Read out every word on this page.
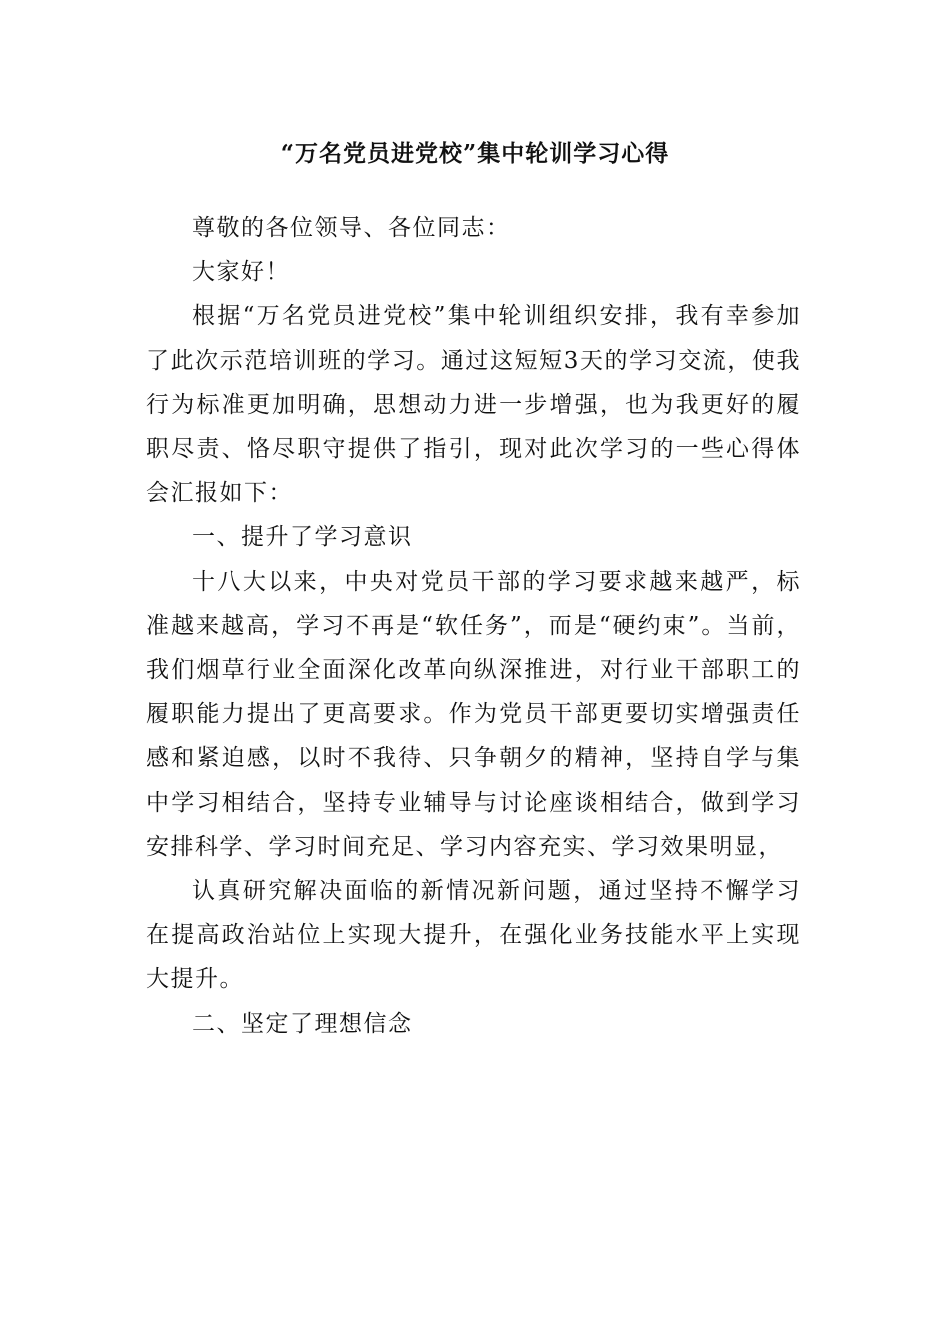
“万名党员进党校”集中轮训学习心得

尊敬的各位领导、各位同志：

大家好！

根据“万名党员进党校”集中轮训组织安排，我有幸参加了此次示范培训班的学习。通过这短短3天的学习交流，使我行为标准更加明确，思想动力进一步增强，也为我更好的履职尽责、恪尽职守提供了指引，现对此次学习的一些心得体会汇报如下：

一、提升了学习意识

十八大以来，中央对党员干部的学习要求越来越严，标准越来越高，学习不再是“软任务”，而是“硬约束”。当前，我们烟草行业全面深化改革向纵深推进，对行业干部职工的履职能力提出了更高要求。作为党员干部更要切实增强责任感和紧迫感，以时不我待、只争朝夕的精神，坚持自学与集中学习相结合，坚持专业辅导与讨论座谈相结合，做到学习安排科学、学习时间充足、学习内容充实、学习效果明显，

认真研究解决面临的新情况新问题，通过坚持不懈学习在提高政治站位上实现大提升，在强化业务技能水平上实现大提升。

二、坚定了理想信念
